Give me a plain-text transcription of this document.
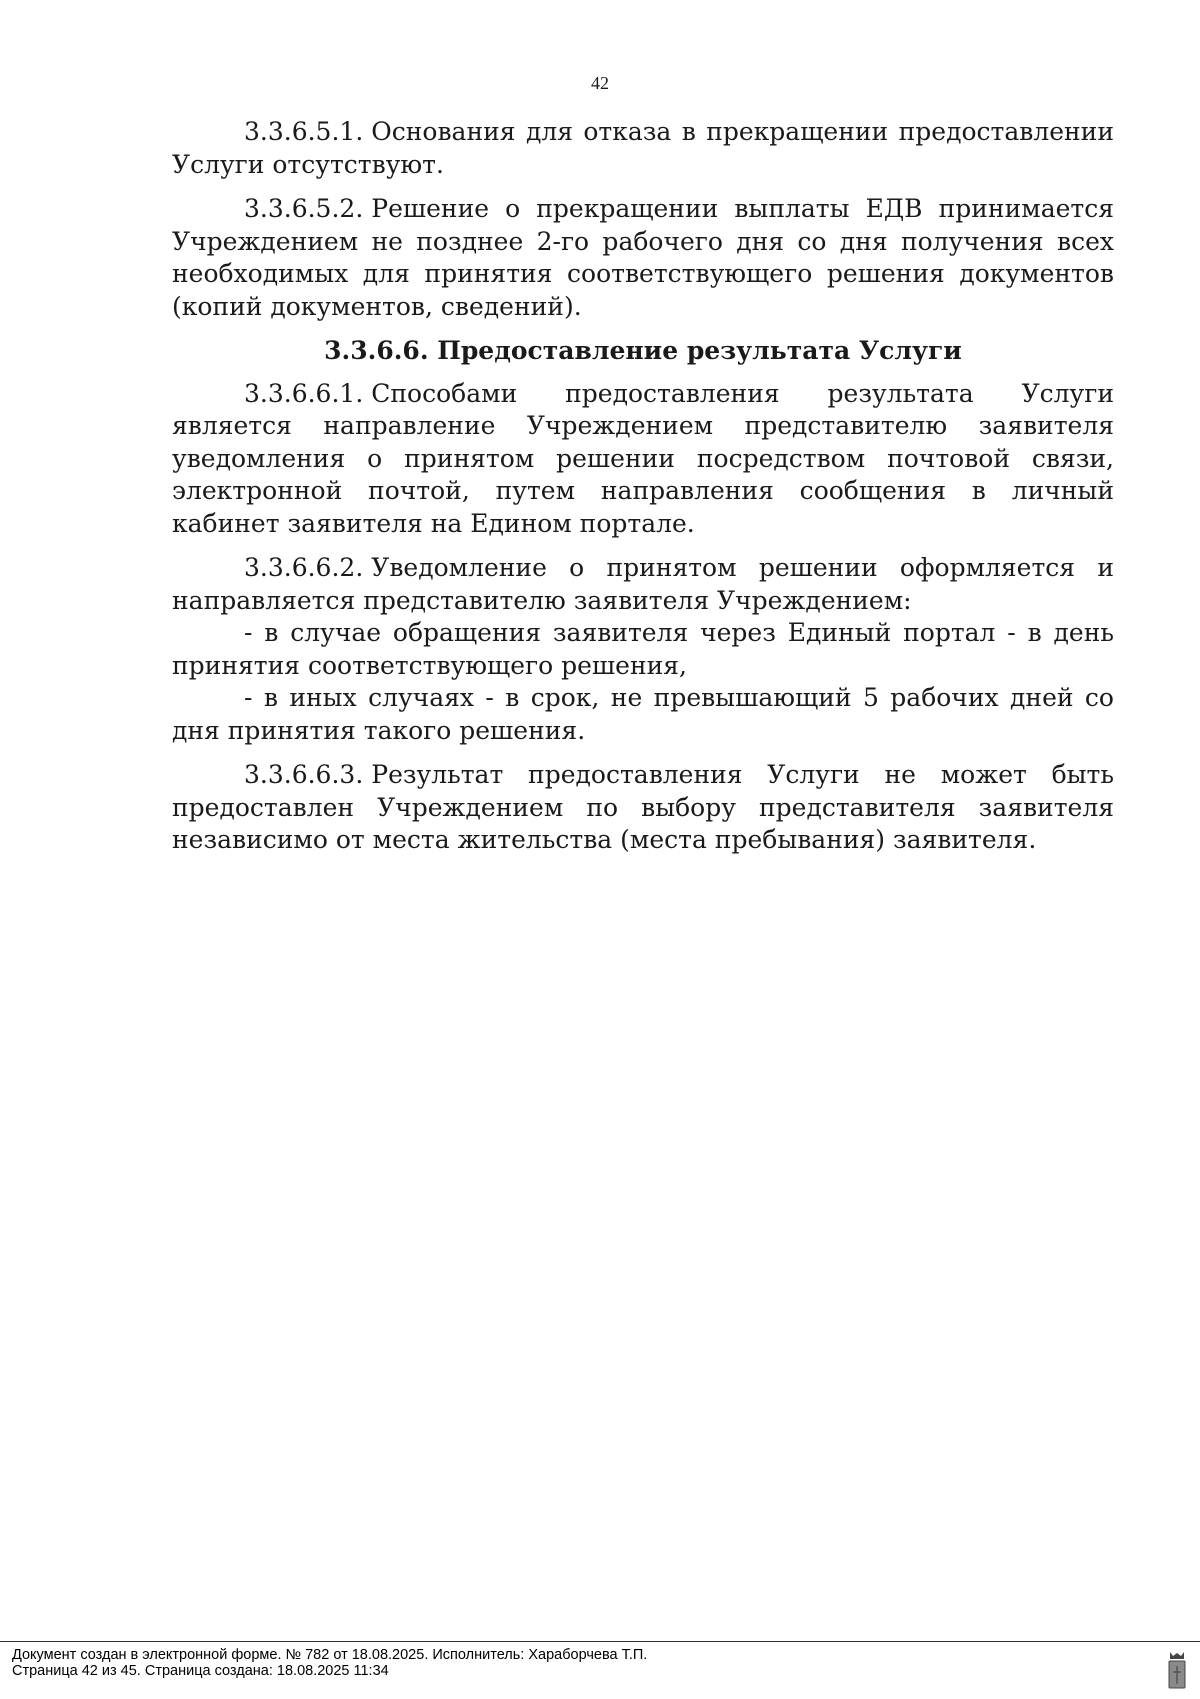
42

3.3.6.5.1. Основания для отказа в прекращении предоставлении Услуги отсутствуют.

3.3.6.5.2. Решение о прекращении выплаты ЕДВ принимается Учреждением не позднее 2-го рабочего дня со дня получения всех необходимых для принятия соответствующего решения документов (копий документов, сведений).

3.3.6.6. Предоставление результата Услуги

3.3.6.6.1. Способами предоставления результата Услуги является направление Учреждением представителю заявителя уведомления о принятом решении посредством почтовой связи, электронной почтой, путем направления сообщения в личный кабинет заявителя на Едином портале.

3.3.6.6.2. Уведомление о принятом решении оформляется и направляется представителю заявителя Учреждением:

- в случае обращения заявителя через Единый портал - в день принятия соответствующего решения,

- в иных случаях - в срок, не превышающий 5 рабочих дней со дня принятия такого решения.

3.3.6.6.3. Результат предоставления Услуги не может быть предоставлен Учреждением по выбору представителя заявителя независимо от места жительства (места пребывания) заявителя.

Документ создан в электронной форме. № 782 от 18.08.2025. Исполнитель: Хараборчева Т.П.
Страница 42 из 45. Страница создана: 18.08.2025 11:34
